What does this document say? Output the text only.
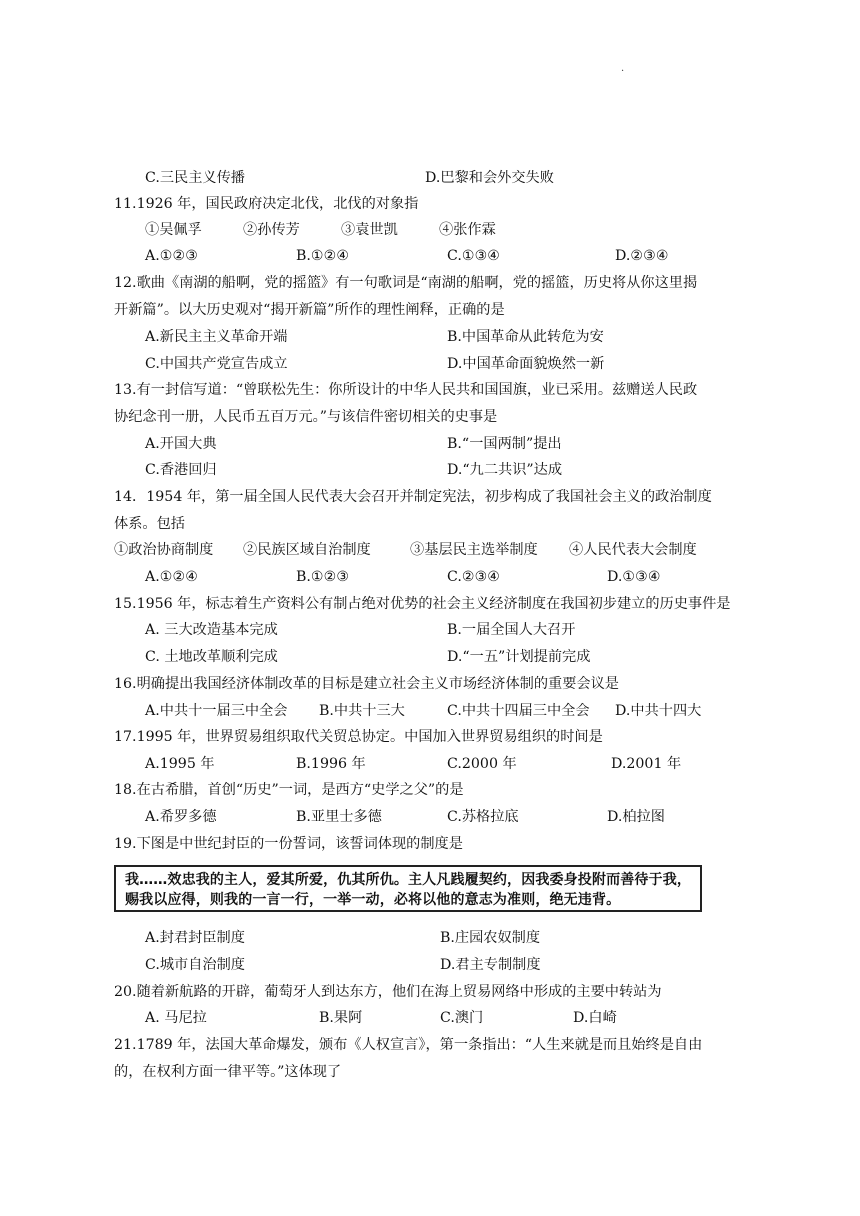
·
C.三民主义传播	D.巴黎和会外交失败
11.1926 年，国民政府决定北伐，北伐的对象指
①吴佩孚	②孙传芳	③袁世凯	④张作霖
A.①②③	B.①②④	C.①③④	D.②③④
12.歌曲《南湖的船啊，党的摇篮》有一句歌词是“南湖的船啊，党的摇篮，历史将从你这里揭
开新篇”。以大历史观对“揭开新篇”所作的理性阐释，正确的是
A.新民主主义革命开端	B.中国革命从此转危为安
C.中国共产党宣告成立	D.中国革命面貌焕然一新
13.有一封信写道：“曾联松先生：你所设计的中华人民共和国国旗，业已采用。兹赠送人民政
协纪念刊一册，人民币五百万元。”与该信件密切相关的史事是
A.开国大典	B.“一国两制”提出
C.香港回归	D.“九二共识”达成
14．1954 年，第一届全国人民代表大会召开并制定宪法，初步构成了我国社会主义的政治制度
体系。包括
①政治协商制度 ②民族区域自治制度	③基层民主选举制度 ④人民代表大会制度
A.①②④	B.①②③	C.②③④	D.①③④
15.1956 年，标志着生产资料公有制占绝对优势的社会主义经济制度在我国初步建立的历史事件是
A. 三大改造基本完成	B.一届全国人大召开
C. 土地改革顺利完成	D.“一五”计划提前完成
16.明确提出我国经济体制改革的目标是建立社会主义市场经济体制的重要会议是
A.中共十一届三中全会 B.中共十三大	C.中共十四届三中全会 D.中共十四大
17.1995 年，世界贸易组织取代关贸总协定。中国加入世界贸易组织的时间是
A.1995 年	B.1996 年	C.2000 年	D.2001 年
18.在古希腊，首创“历史”一词，是西方“史学之父”的是
A.希罗多德	B.亚里士多德	C.苏格拉底	D.柏拉图
19.下图是中世纪封臣的一份誓词，该誓词体现的制度是
我……效忠我的主人，爱其所爱，仇其所仇。主人凡践履契约，因我委身投附而善待于我，赐我以应得，则我的一言一行，一举一动，必将以他的意志为准则，绝无违背。
A.封君封臣制度	B.庄园农奴制度
C.城市自治制度	D.君主专制制度
20.随着新航路的开辟，葡萄牙人到达东方，他们在海上贸易网络中形成的主要中转站为
A. 马尼拉	B.果阿	C.澳门	D.白崎
21.1789 年，法国大革命爆发，颁布《人权宣言》，第一条指出：“人生来就是而且始终是自由
的，在权利方面一律平等。”这体现了
